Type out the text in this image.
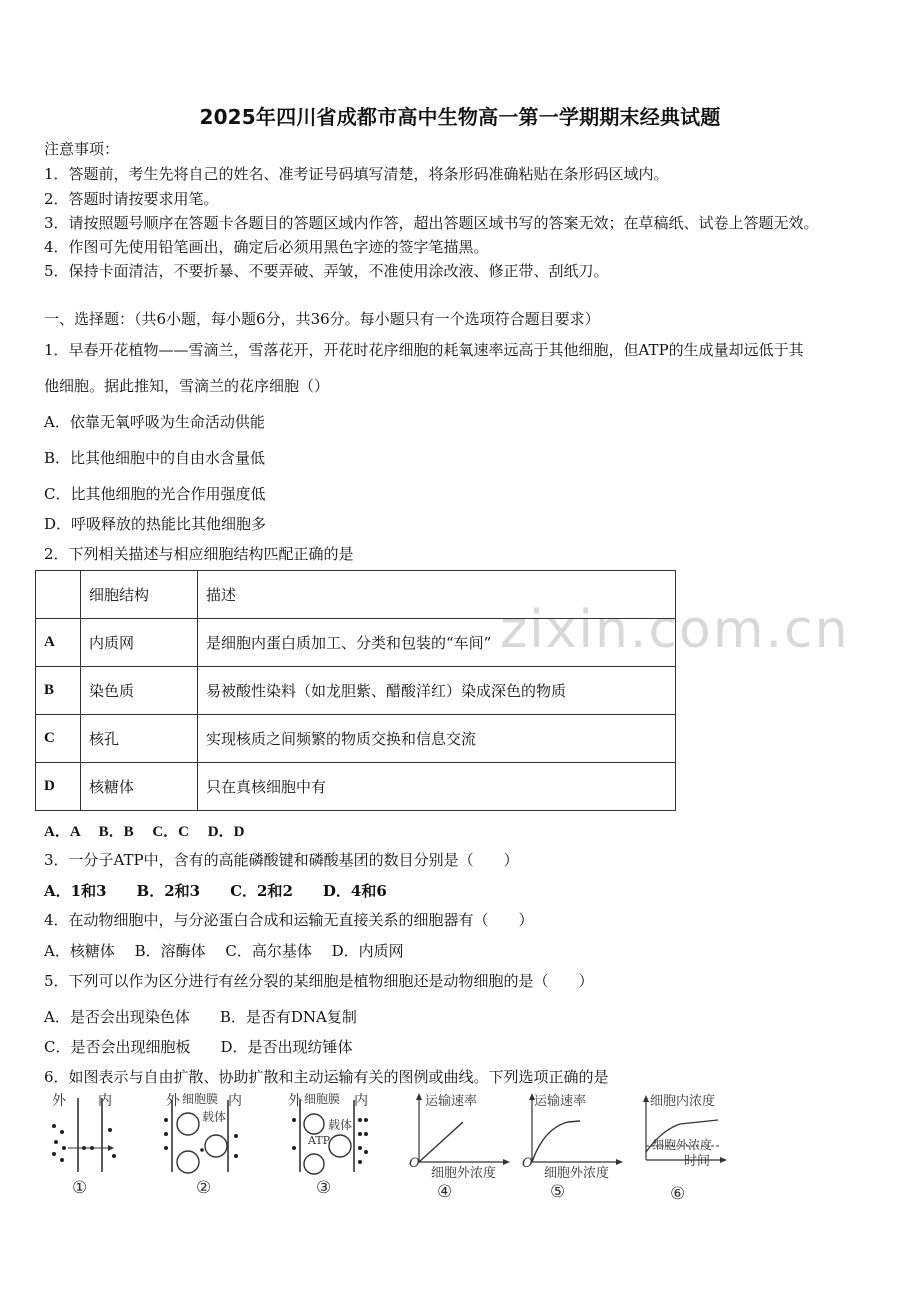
zixin.com.cn
2025年四川省成都市高中生物高一第一学期期末经典试题
注意事项：
1．答题前，考生先将自己的姓名、准考证号码填写清楚，将条形码准确粘贴在条形码区域内。
2．答题时请按要求用笔。
3．请按照题号顺序在答题卡各题目的答题区域内作答，超出答题区域书写的答案无效；在草稿纸、试卷上答题无效。
4．作图可先使用铅笔画出，确定后必须用黑色字迹的签字笔描黑。
5．保持卡面清洁，不要折暴、不要弄破、弄皱，不准使用涂改液、修正带、刮纸刀。
一、选择题：（共6小题，每小题6分，共36分。每小题只有一个选项符合题目要求）
1．早春开花植物——雪滴兰，雪落花开，开花时花序细胞的耗氧速率远高于其他细胞，但ATP的生成量却远低于其
他细胞。据此推知，雪滴兰的花序细胞（）
A．依靠无氧呼吸为生命活动供能
B．比其他细胞中的自由水含量低
C．比其他细胞的光合作用强度低
D．呼吸释放的热能比其他细胞多
2．下列相关描述与相应细胞结构匹配正确的是
	细胞结构	描述
A	内质网	是细胞内蛋白质加工、分类和包装的“车间”
B	染色质	易被酸性染料（如龙胆紫、醋酸洋红）染成深色的物质
C	核孔	实现核质之间频繁的物质交换和信息交流
D	核糖体	只在真核细胞中有
A．A　 B．B　 C．C　 D．D
3．一分子ATP中，含有的高能磷酸键和磷酸基团的数目分别是（　　）
A．1和3　　B．2和3　　C．2和2　　D．4和6
4．在动物细胞中，与分泌蛋白合成和运输无直接关系的细胞器有（　　）
A．核糖体　 B．溶酶体　 C．高尔基体　 D．内质网
5．下列可以作为区分进行有丝分裂的某细胞是植物细胞还是动物细胞的是（　　）
A．是否会出现染色体　　B．是否有DNA复制
C．是否会出现细胞板　　D．是否出现纺锤体
6．如图表示与自由扩散、协助扩散和主动运输有关的图例或曲线。下列选项正确的是
外 内
①
外 细胞膜 内
载体
②
外 细胞膜 内
载体
ATP
③
运输速率
O
细胞外浓度
④
运输速率
O
细胞外浓度
⑤
细胞内浓度
细胞外浓度
时间
⑥
